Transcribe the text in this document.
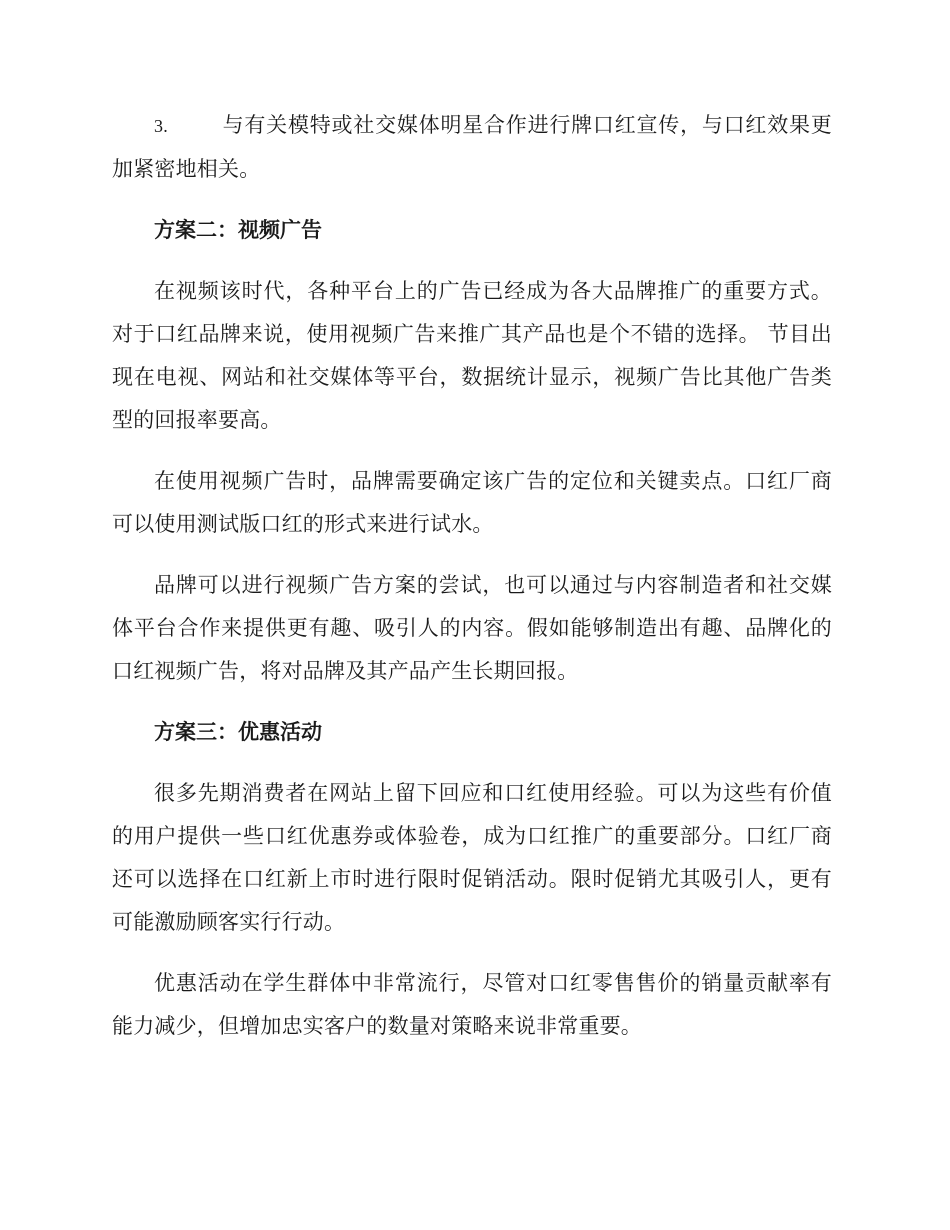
3.	与有关模特或社交媒体明星合作进行牌口红宣传，与口红效果更加紧密地相关。

方案二：视频广告

在视频该时代，各种平台上的广告已经成为各大品牌推广的重要方式。对于口红品牌来说，使用视频广告来推广其产品也是个不错的选择。 节目出现在电视、网站和社交媒体等平台，数据统计显示，视频广告比其他广告类型的回报率要高。

在使用视频广告时，品牌需要确定该广告的定位和关键卖点。口红厂商可以使用测试版口红的形式来进行试水。

品牌可以进行视频广告方案的尝试，也可以通过与内容制造者和社交媒体平台合作来提供更有趣、吸引人的内容。假如能够制造出有趣、品牌化的口红视频广告，将对品牌及其产品产生长期回报。

方案三：优惠活动

很多先期消费者在网站上留下回应和口红使用经验。可以为这些有价值的用户提供一些口红优惠券或体验卷，成为口红推广的重要部分。口红厂商还可以选择在口红新上市时进行限时促销活动。限时促销尤其吸引人，更有可能激励顾客实行行动。

优惠活动在学生群体中非常流行，尽管对口红零售售价的销量贡献率有能力减少，但增加忠实客户的数量对策略来说非常重要。
